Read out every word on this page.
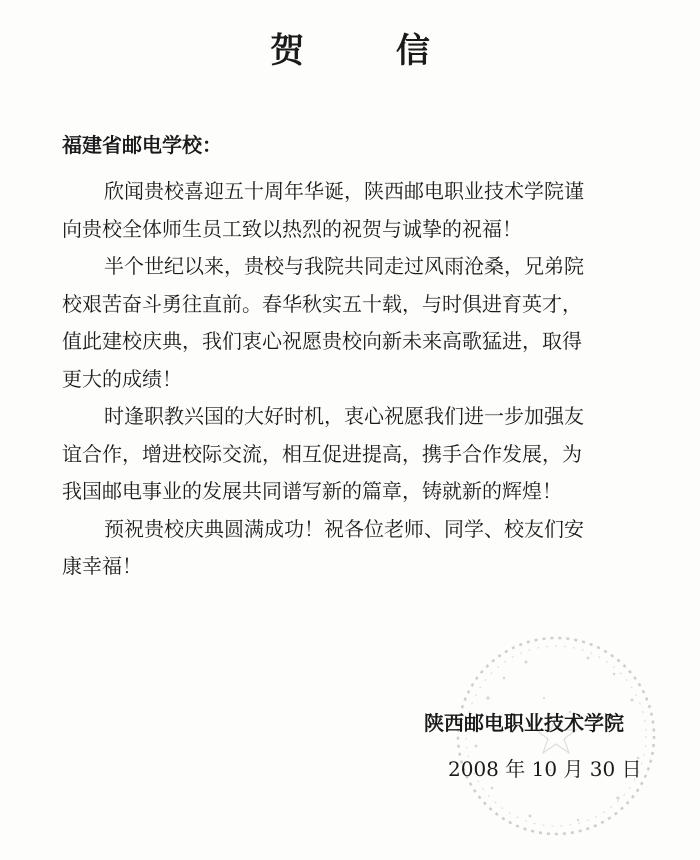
贺 信
福建省邮电学校：
欣闻贵校喜迎五十周年华诞，陕西邮电职业技术学院谨
向贵校全体师生员工致以热烈的祝贺与诚挚的祝福！
半个世纪以来，贵校与我院共同走过风雨沧桑，兄弟院
校艰苦奋斗勇往直前。春华秋实五十载，与时俱进育英才，
值此建校庆典，我们衷心祝愿贵校向新未来高歌猛进，取得
更大的成绩！
时逢职教兴国的大好时机，衷心祝愿我们进一步加强友
谊合作，增进校际交流，相互促进提高，携手合作发展，为
我国邮电事业的发展共同谱写新的篇章，铸就新的辉煌！
预祝贵校庆典圆满成功！祝各位老师、同学、校友们安
康幸福！
陕西邮电职业技术学院
2008 年 10 月 30 日
